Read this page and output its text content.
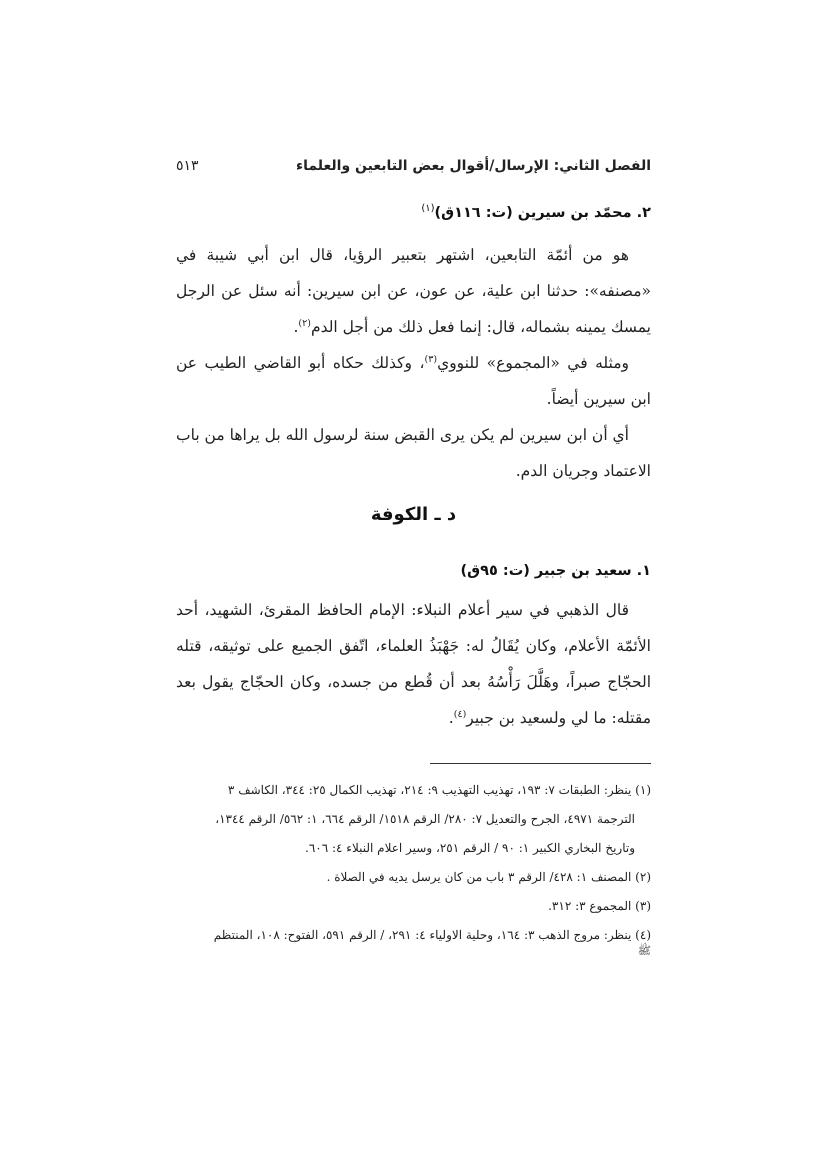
الفصل الثاني: الإرسال/أقوال بعض التابعين والعلماء
٥١٣
٢. محمّد بن سيرين (ت: ١١٦ق)$^{(١)}$

هو من أئمّة التابعين، اشتهر بتعبير الرؤيا، قال ابن أبي شيبة في «مصنفه»: حدثنا ابن علية، عن عون، عن ابن سيرين: أنه سئل عن الرجل يمسك يمينه بشماله، قال: إنما فعل ذلك من أجل الدم$^{(٢)}$.

ومثله في «المجموع» للنووي$^{(٣)}$، وكذلك حكاه أبو القاضي الطيب عن ابن سيرين أيضاً.

أي أن ابن سيرين لم يكن يرى القبض سنة لرسول الله بل يراها من باب الاعتماد وجريان الدم.

د ـ الكوفة
١. سعيد بن جبير (ت: ٩٥ق)

قال الذهبي في سير أعلام النبلاء: الإمام الحافظ المقرئ، الشهيد، أحد الأئمّة الأعلام، وكان يُقَالُ له: جَهْبَذُ العلماء، اتّفق الجميع على توثيقه، قتله الحجّاج صبراً، وهَلَّلَ رَأْسُهُ بعد أن قُطع من جسده، وكان الحجّاج يقول بعد مقتله: ما لي ولسعيد بن جبير$^{(٤)}$.

(١) ينظر: الطبقات ٧: ١٩٣، تهذيب التهذيب ٩: ٢١٤، تهذيب الكمال ٢٥: ٣٤٤، الكاشف ٣

الترجمة ٤٩٧١، الجرح والتعديل ٧: ٢٨٠/ الرقم ١٥١٨/ الرقم ٦٦٤، ١: ٥٦٢/ الرقم ١٣٤٤،

وتاريخ البخاري الكبير ١: ٩٠ / الرقم ٢٥١، وسير اعلام النبلاء ٤: ٦٠٦.

(٢) المصنف ١: ٤٢٨/ الرقم ٣ باب من كان يرسل يديه في الصلاة .

(٣) المجموع ٣: ٣١٢.

(٤) ينظر: مروج الذهب ٣: ١٦٤، وحلية الاولياء ٤: ٢٩١، / الرقم ٥٩١، الفتوح: ١٠٨، المنتظم

ﷺ
